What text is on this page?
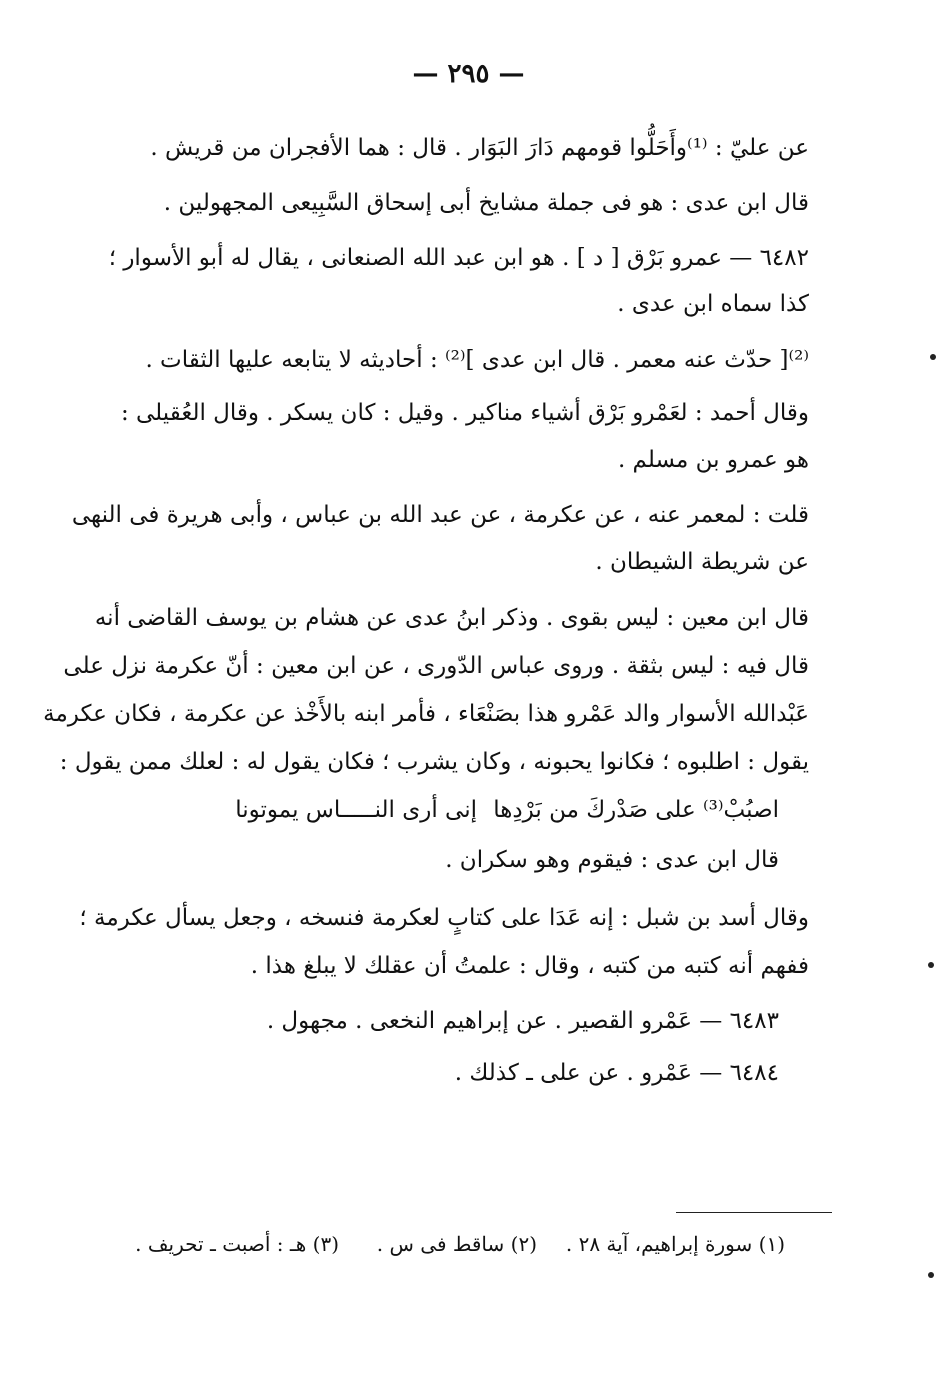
— ٢٩٥ —
عن عليّ : ⁽¹⁾وأَحَلُّوا قومهم دَارَ البَوَار . قال : هما الأفجران من قريش .
قال ابن عدى : هو فى جملة مشايخ أبى إسحاق السَّبِيعى المجهولين .
٦٤٨٢ — عمرو بَرْق [ د ] . هو ابن عبد الله الصنعانى ، يقال له أبو الأسوار ؛
كذا سماه ابن عدى .
⁽²⁾[ حدّث عنه معمر . قال ابن عدى ]⁽²⁾ : أحاديثه لا يتابعه عليها الثقات .
وقال أحمد : لعَمْرو بَرْق أشياء مناكير . وقيل : كان يسكر . وقال العُقيلى :
هو عمرو بن مسلم .
قلت : لمعمر عنه ، عن عكرمة ، عن عبد الله بن عباس ، وأبى هريرة فى النهى
عن شريطة الشيطان .
قال ابن معين : ليس بقوى . وذكر ابنُ عدى عن هشام بن يوسف القاضى أنه
قال فيه : ليس بثقة . وروى عباس الدّورى ، عن ابن معين : أنّ عكرمة نزل على
عَبْدالله الأسوار والد عَمْرو هذا بصَنْعَاء ، فأمر ابنه بالأَخْذ عن عكرمة ، فكان عكرمة
يقول : اطلبوه ؛ فكانوا يحبونه ، وكان يشرب ؛ فكان يقول له : لعلك ممن يقول :
اصبُبْ⁽³⁾ على صَدْركَ من بَرْدِها
إنى أرى النـــــاس يموتونا
قال ابن عدى : فيقوم وهو سكران .
وقال أسد بن شبل : إنه عَدَا على كتابٍ لعكرمة فنسخه ، وجعل يسأل عكرمة ؛
ففهم أنه كتبه من كتبه ، وقال : علمتُ أن عقلك لا يبلغ هذا .
٦٤٨٣ — عَمْرو القصير . عن إبراهيم النخعى . مجهول .
٦٤٨٤ — عَمْرو . عن على ـ كذلك .
(١) سورة إبراهيم، آية ٢٨ .
(٢) ساقط فى س .
(٣) هـ : أصبت ـ تحريف .
